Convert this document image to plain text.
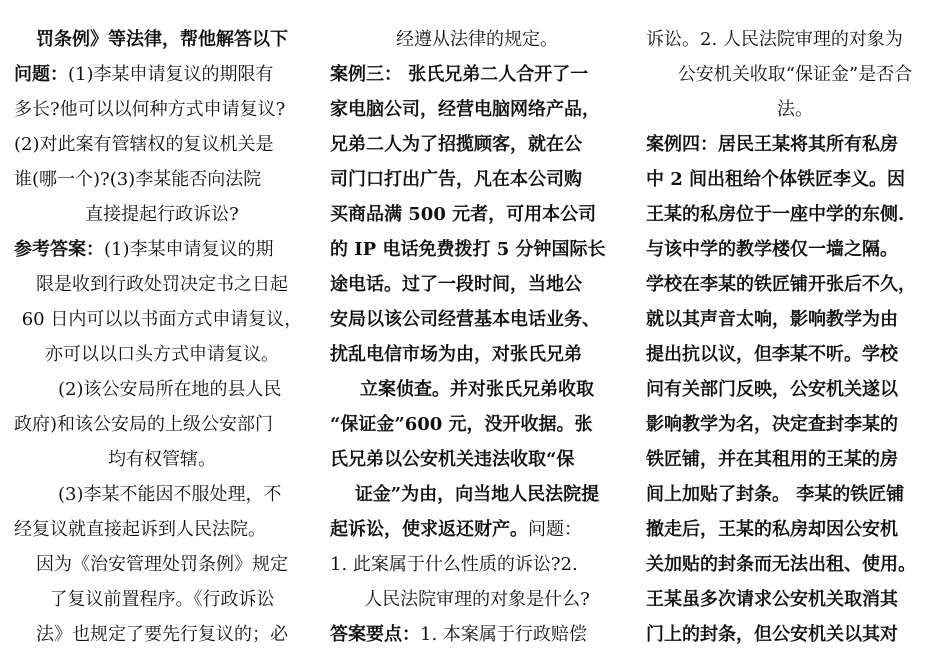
罚条例》等法律，帮他解答以下
问题：(1)李某申请复议的期限有
多长?他可以以何种方式申请复议?
(2)对此案有管辖权的复议机关是
谁(哪一个)?(3)李某能否向法院
直接提起行政诉讼?
参考答案：(1)李某申请复议的期
限是收到行政处罚决定书之日起
60 日内可以以书面方式申请复议，
亦可以以口头方式申请复议。
(2)该公安局所在地的县人民
政府)和该公安局的上级公安部门
均有权管辖。
(3)李某不能因不服处理，不
经复议就直接起诉到人民法院。
因为《治安管理处罚条例》规定
了复议前置程序。《行政诉讼
法》也规定了要先行复议的；必
经遵从法律的规定。
案例三： 张氏兄弟二人合开了一
家电脑公司，经营电脑网络产品，
兄弟二人为了招揽顾客，就在公
司门口打出广告，凡在本公司购
买商品满 500 元者，可用本公司
的 IP 电话免费拨打 5 分钟国际长
途电话。过了一段时间，当地公
安局以该公司经营基本电话业务、
扰乱电信市场为由，对张氏兄弟
立案侦查。并对张氏兄弟收取
“保证金”600 元，没开收据。张
氏兄弟以公安机关违法收取“保
证金”为由，向当地人民法院提
起诉讼，使求返还财产。问题：
1. 此案属于什么性质的诉讼?2.
人民法院审理的对象是什么?
答案要点：1. 本案属于行政赔偿
诉讼。2. 人民法院审理的对象为
公安机关收取“保证金”是否合
法。
案例四：居民王某将其所有私房
中 2 间出租给个体铁匠李义。因
王某的私房位于一座中学的东侧.
与该中学的教学楼仅一墙之隔。
学校在李某的铁匠铺开张后不久，
就以其声音太响，影响教学为由
提出抗以议，但李某不听。学校
问有关部门反映，公安机关遂以
影响教学为名，决定查封李某的
铁匠铺，并在其租用的王某的房
间上加贴了封条。 李某的铁匠铺
撤走后，王某的私房却因公安机
关加贴的封条而无法出租、使用。
王某虽多次请求公安机关取消其
门上的封条，但公安机关以其对
